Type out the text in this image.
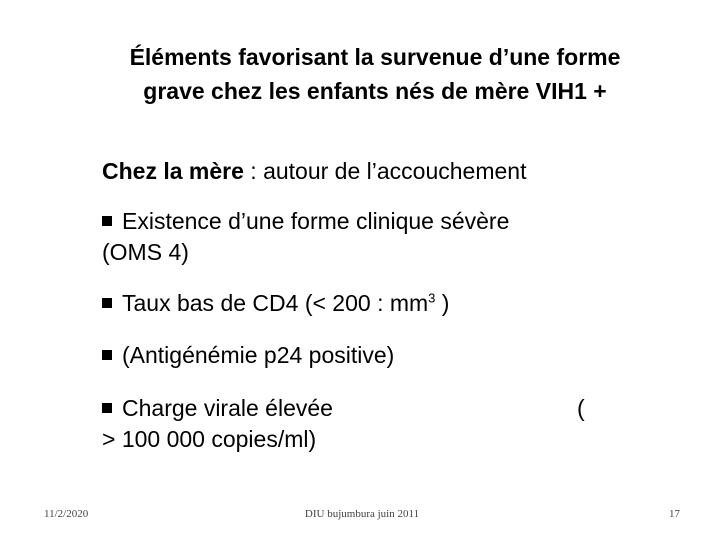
Éléments favorisant la survenue d’une forme
grave chez les enfants nés de mère VIH1 +
Chez la mère : autour de l’accouchement
Existence d’une forme clinique sévère
(OMS 4)
Taux bas de CD4 (< 200 : $mm^3$ )
(Antigénémie p24 positive)
Charge virale élevée
> 100 000 copies/ml)
(
11/2/2020	DIU bujumbura juin 2011	17
